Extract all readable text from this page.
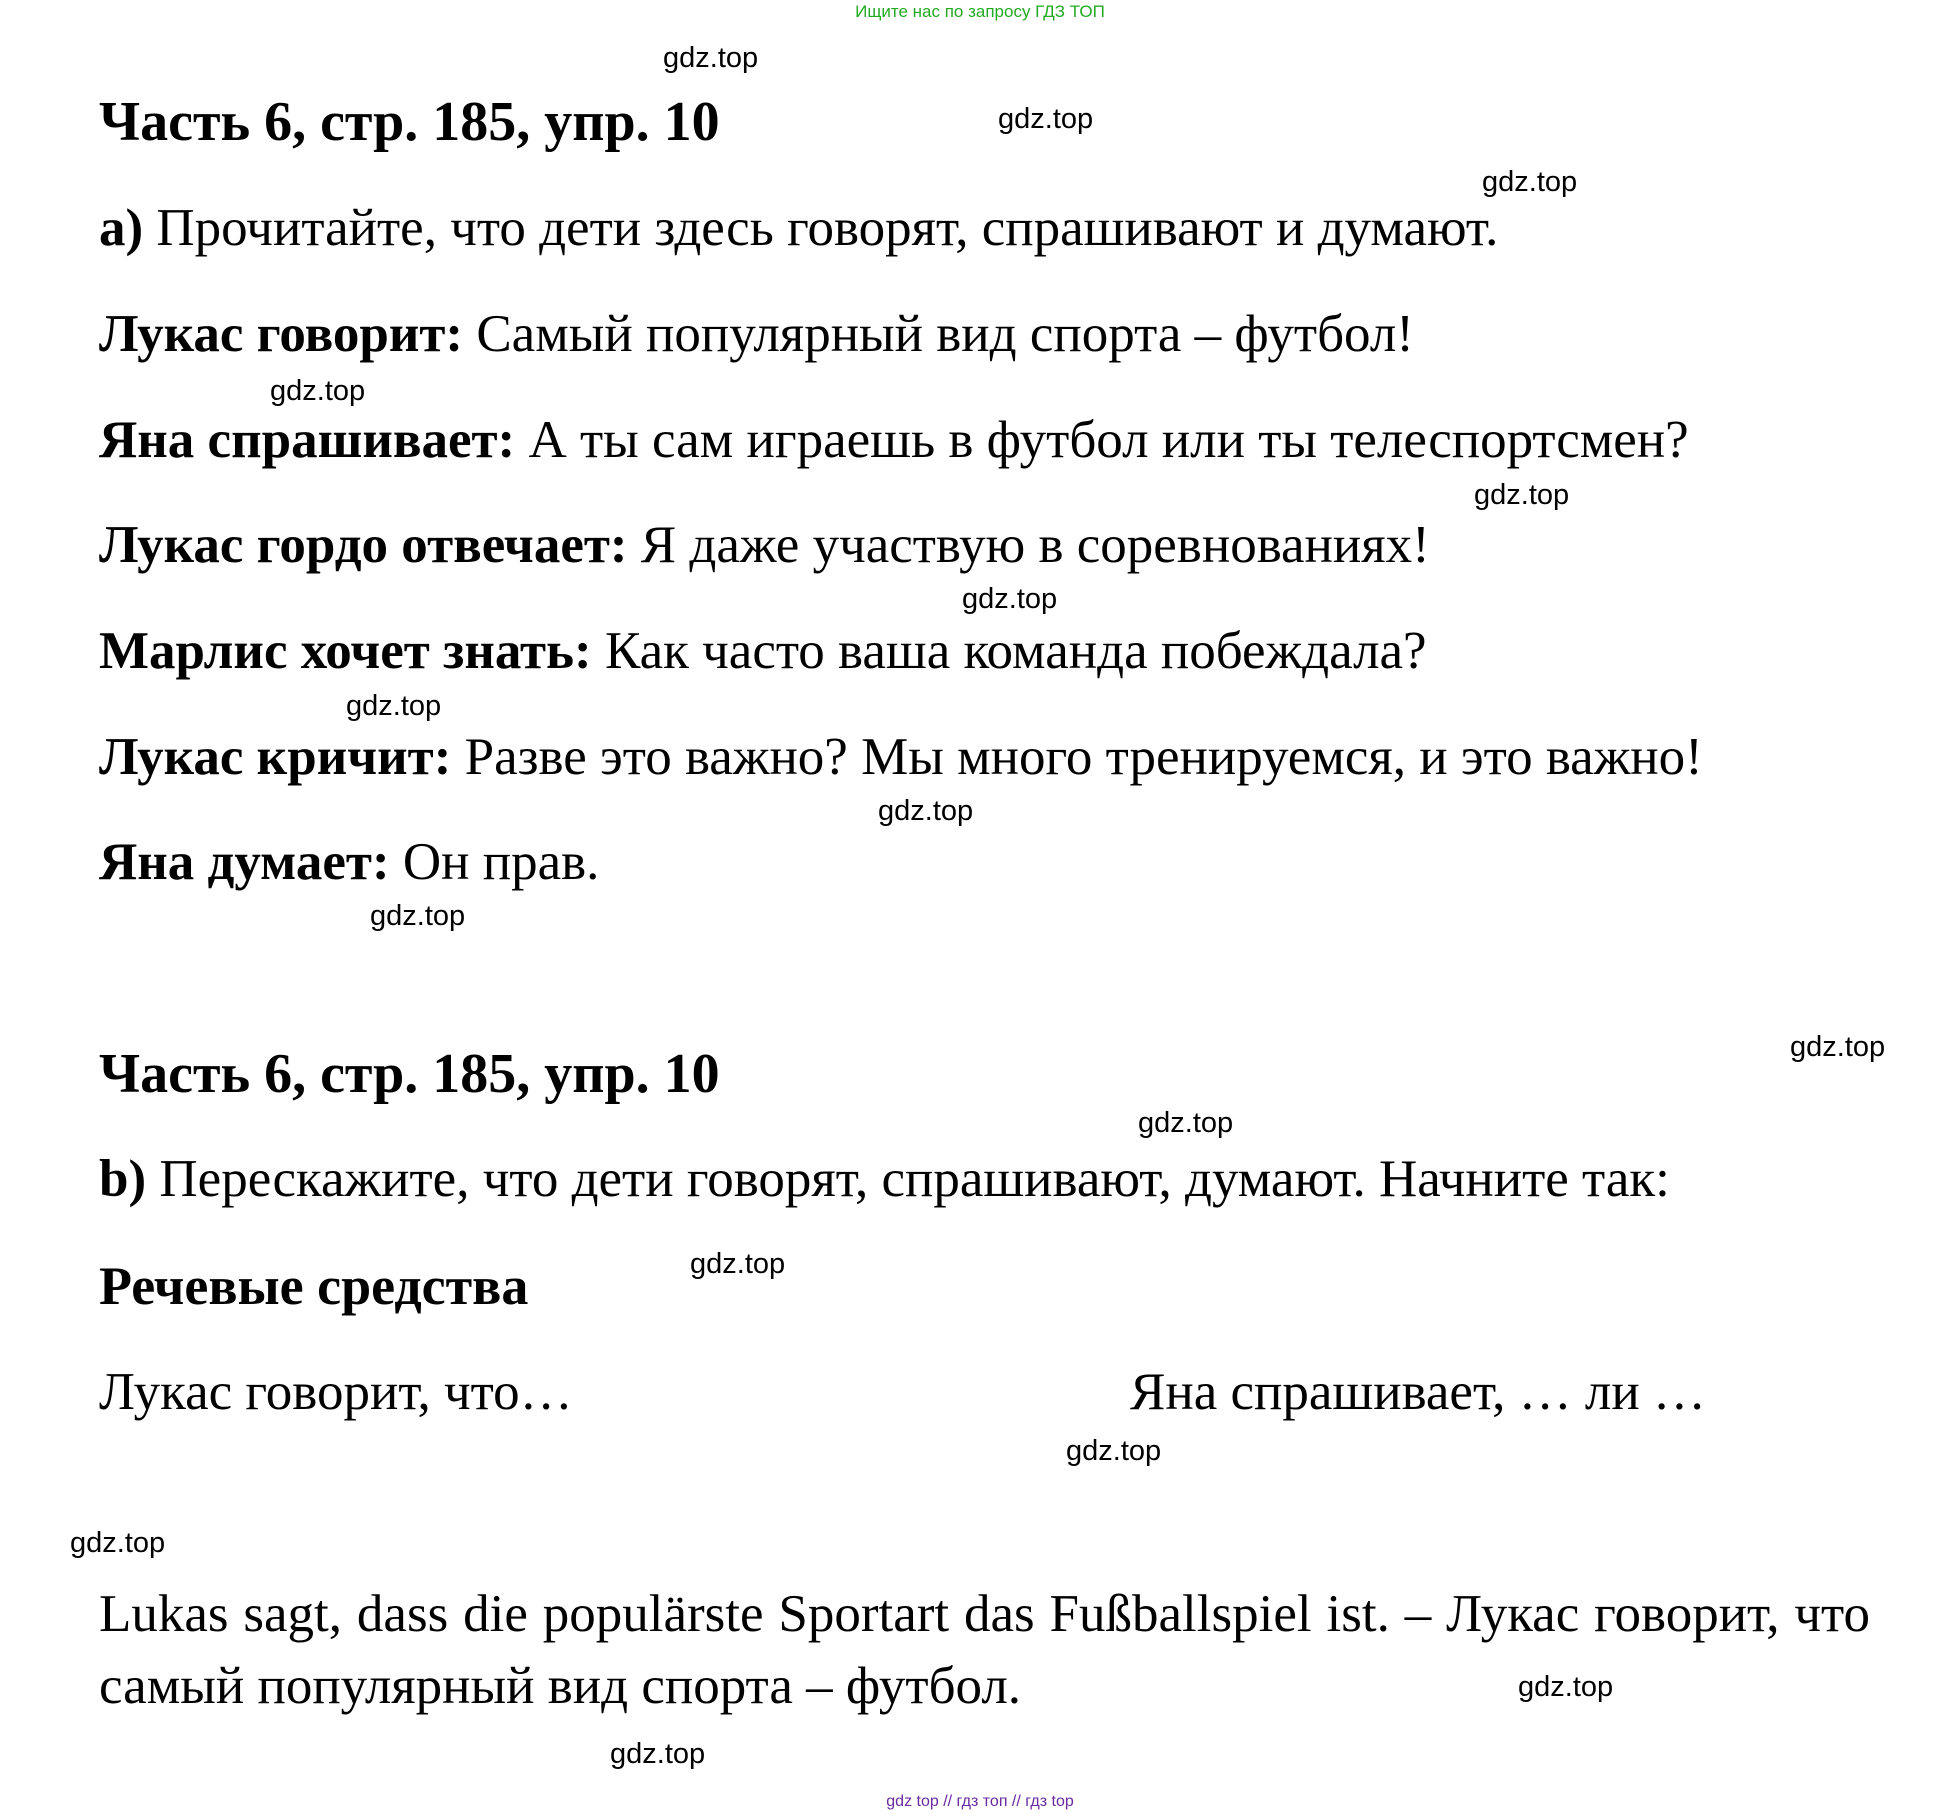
Ищите нас по запросу ГДЗ ТОП
Часть 6, стр. 185, упр. 10
a) Прочитайте, что дети здесь говорят, спрашивают и думают.
Лукас говорит: Самый популярный вид спорта – футбол!
Яна спрашивает: А ты сам играешь в футбол или ты телеспортсмен?
Лукас гордо отвечает: Я даже участвую в соревнованиях!
Марлис хочет знать: Как часто ваша команда побеждала?
Лукас кричит: Разве это важно? Мы много тренируемся, и это важно!
Яна думает: Он прав.
Часть 6, стр. 185, упр. 10
b) Перескажите, что дети говорят, спрашивают, думают. Начните так:
Речевые средства
Лукас говорит, что…	Яна спрашивает, … ли …
Lukas sagt, dass die populärste Sportart das Fußballspiel ist. – Лукас говорит, что самый популярный вид спорта – футбол.
gdz.top
gdz.top
gdz.top
gdz.top
gdz.top
gdz.top
gdz.top
gdz.top
gdz.top
gdz.top
gdz.top
gdz.top
gdz.top
gdz.top
gdz.top
gdz.top
gdz top // гдз топ // гдз top
